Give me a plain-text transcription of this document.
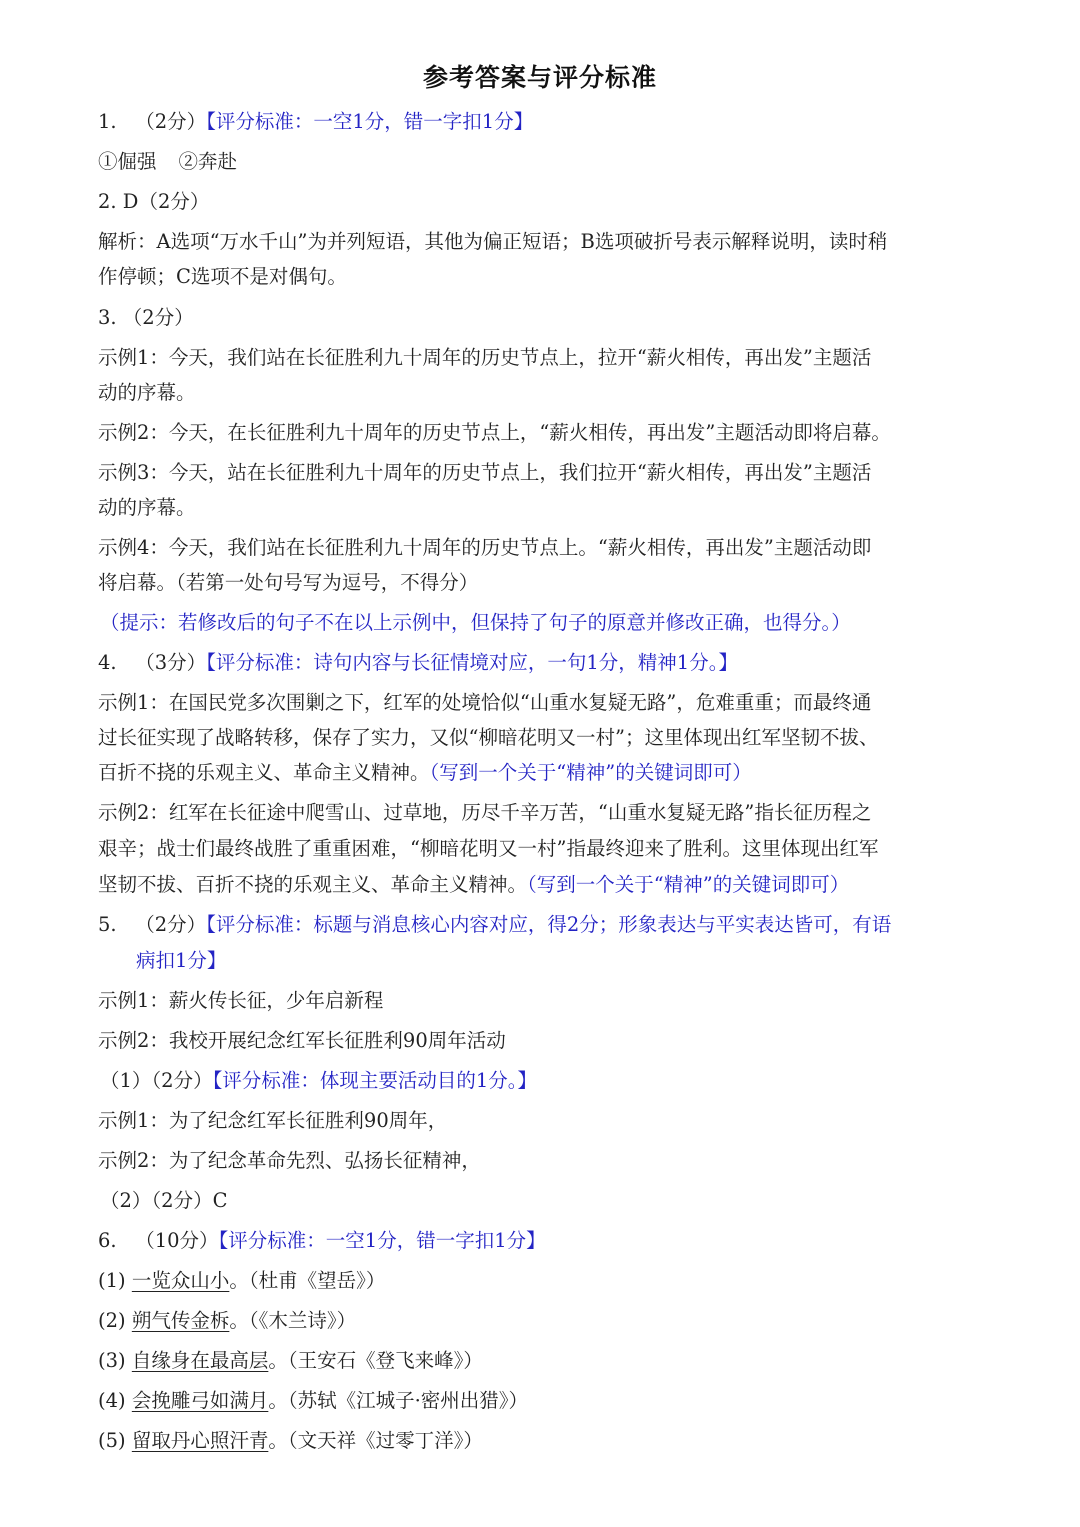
参考答案与评分标准
1. （2分）【评分标准：一空1分，错一字扣1分】
①倔强 ②奔赴
2. D（2分）
解析：A选项“万水千山”为并列短语，其他为偏正短语；B选项破折号表示解释说明，读时稍
作停顿；C选项不是对偶句。
3. （2分）
示例1：今天，我们站在长征胜利九十周年的历史节点上，拉开“薪火相传，再出发”主题活
动的序幕。
示例2：今天，在长征胜利九十周年的历史节点上，“薪火相传，再出发”主题活动即将启幕。
示例3：今天，站在长征胜利九十周年的历史节点上，我们拉开“薪火相传，再出发”主题活
动的序幕。
示例4：今天，我们站在长征胜利九十周年的历史节点上。“薪火相传，再出发”主题活动即
将启幕。（若第一处句号写为逗号，不得分）
（提示：若修改后的句子不在以上示例中，但保持了句子的原意并修改正确，也得分。）
4. （3分）【评分标准：诗句内容与长征情境对应，一句1分，精神1分。】
示例1：在国民党多次围剿之下，红军的处境恰似“山重水复疑无路”，危难重重；而最终通
过长征实现了战略转移，保存了实力，又似“柳暗花明又一村”；这里体现出红军坚韧不拔、
百折不挠的乐观主义、革命主义精神。（写到一个关于“精神”的关键词即可）
示例2：红军在长征途中爬雪山、过草地，历尽千辛万苦，“山重水复疑无路”指长征历程之
艰辛；战士们最终战胜了重重困难，“柳暗花明又一村”指最终迎来了胜利。这里体现出红军
坚韧不拔、百折不挠的乐观主义、革命主义精神。（写到一个关于“精神”的关键词即可）
5. （2分）【评分标准：标题与消息核心内容对应，得2分；形象表达与平实表达皆可，有语
病扣1分】
示例1：薪火传长征，少年启新程
示例2：我校开展纪念红军长征胜利90周年活动
（1）（2分）【评分标准：体现主要活动目的1分。】
示例1：为了纪念红军长征胜利90周年，
示例2：为了纪念革命先烈、弘扬长征精神，
（2）（2分）C
6. （10分）【评分标准：一空1分，错一字扣1分】
(1) 一览众山小。（杜甫《望岳》）
(2) 朔气传金柝。（《木兰诗》）
(3) 自缘身在最高层。（王安石《登飞来峰》）
(4) 会挽雕弓如满月。（苏轼《江城子·密州出猎》）
(5) 留取丹心照汗青。（文天祥《过零丁洋》）
